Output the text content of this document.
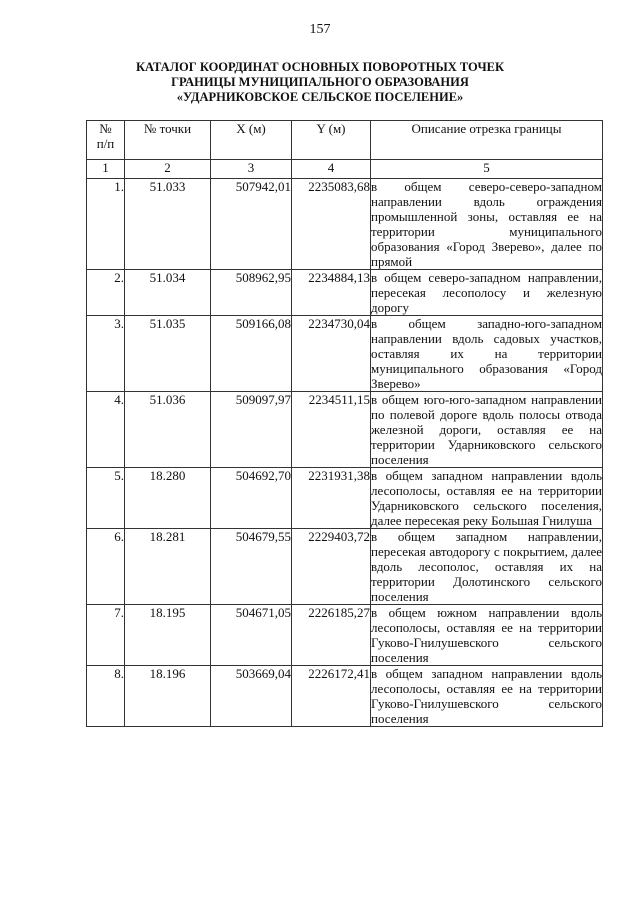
157
КАТАЛОГ КООРДИНАТ ОСНОВНЫХ ПОВОРОТНЫХ ТОЧЕК
ГРАНИЦЫ МУНИЦИПАЛЬНОГО ОБРАЗОВАНИЯ
«УДАРНИКОВСКОЕ СЕЛЬСКОЕ ПОСЕЛЕНИЕ»
№
п/п	№ точки	X (м)	Y (м)	Описание отрезка границы
1	2	3	4	5
1.	51.033	507942,01	2235083,68	в общем северо-северо-западном направлении вдоль ограждения промышленной зоны, оставляя ее на территории муниципального образования «Город Зверево», далее по прямой
2.	51.034	508962,95	2234884,13	в общем северо-западном направлении, пересекая лесополосу и железную дорогу
3.	51.035	509166,08	2234730,04	в общем западно-юго-западном направлении вдоль садовых участков, оставляя их на территории муниципального образования «Город Зверево»
4.	51.036	509097,97	2234511,15	в общем юго-юго-западном направлении по полевой дороге вдоль полосы отвода железной дороги, оставляя ее на территории Ударниковского сельского поселения
5.	18.280	504692,70	2231931,38	в общем западном направлении вдоль лесополосы, оставляя ее на территории Ударниковского сельского поселения, далее пересекая реку Большая Гнилуша
6.	18.281	504679,55	2229403,72	в общем западном направлении, пересекая автодорогу с покрытием, далее вдоль лесополос, оставляя их на территории Долотинского сельского поселения
7.	18.195	504671,05	2226185,27	в общем южном направлении вдоль лесополосы, оставляя ее на территории Гуково-Гнилушевского сельского поселения
8.	18.196	503669,04	2226172,41	в общем западном направлении вдоль лесополосы, оставляя ее на территории Гуково-Гнилушевского сельского поселения
